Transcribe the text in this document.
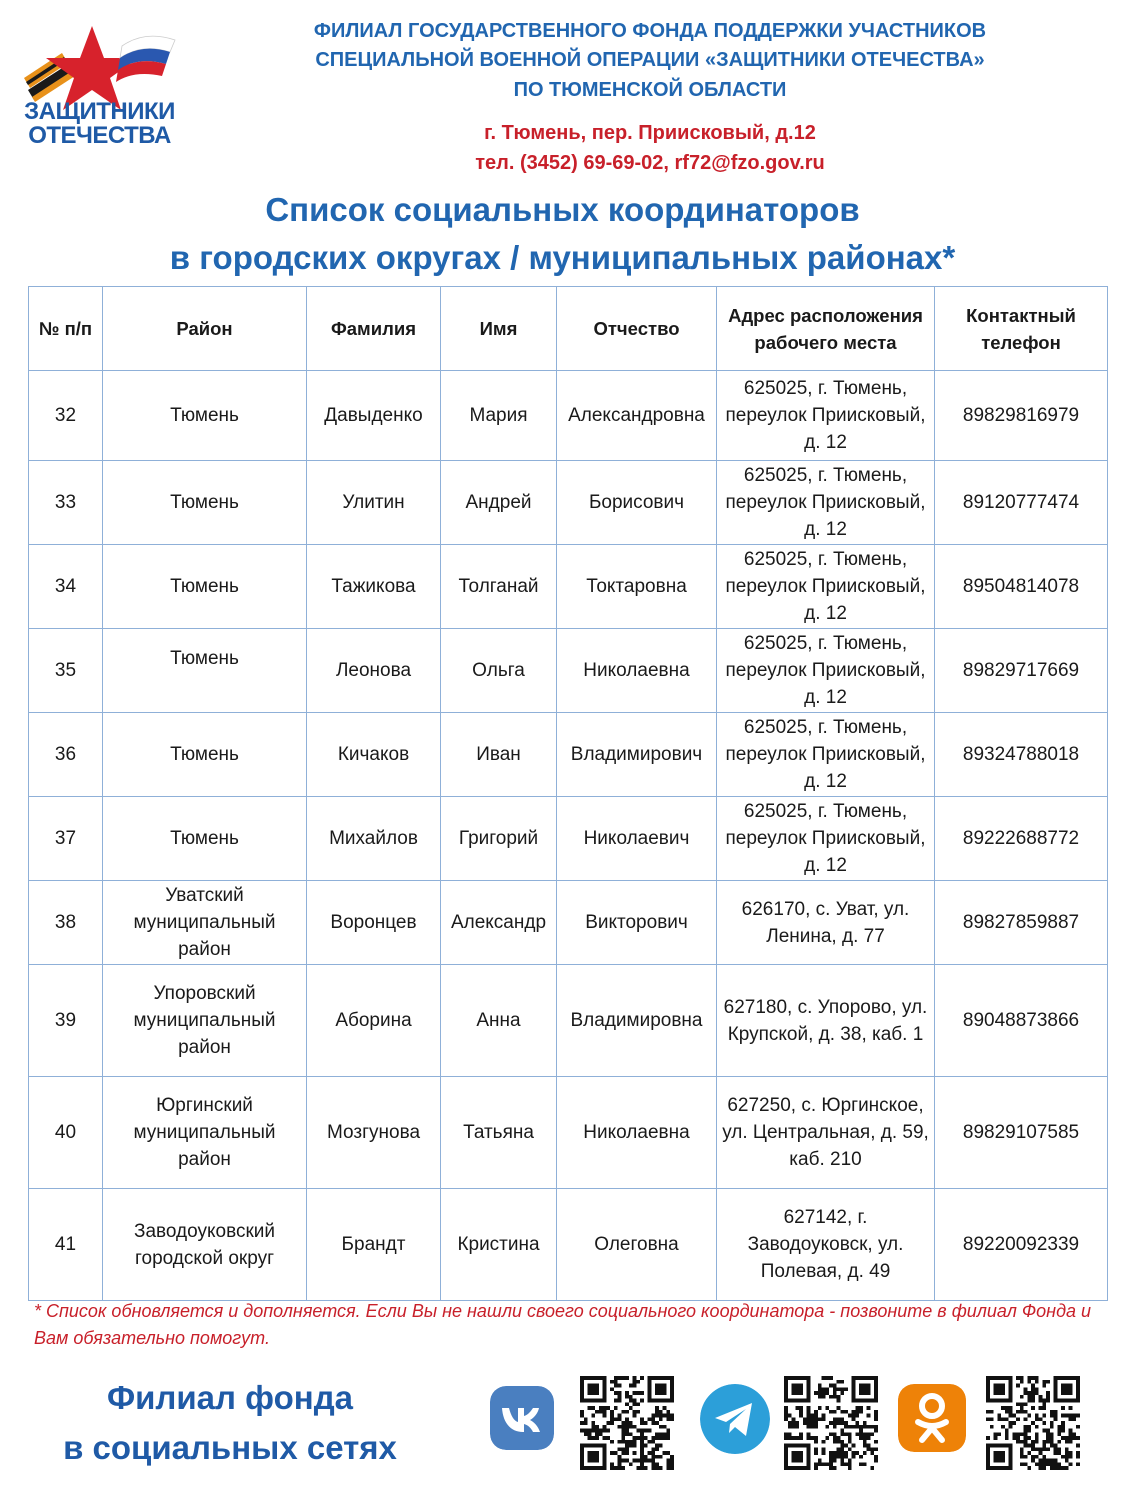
ЗАЩИТНИКИ
ОТЕЧЕСТВА
ФИЛИАЛ ГОСУДАРСТВЕННОГО ФОНДА ПОДДЕРЖКИ УЧАСТНИКОВ
СПЕЦИАЛЬНОЙ ВОЕННОЙ ОПЕРАЦИИ «ЗАЩИТНИКИ ОТЕЧЕСТВА»
ПО ТЮМЕНСКОЙ ОБЛАСТИ
г. Тюмень, пер. Приисковый, д.12
тел. (3452) 69-69-02, rf72@fzo.gov.ru
Список социальных координаторов
в городских округах / муниципальных районах*
№ п/п	Район	Фамилия	Имя	Отчество	Адрес расположения рабочего места	Контактный телефон
32	Тюмень	Давыденко	Мария	Александровна	625025, г. Тюмень, переулок Приисковый, д. 12	89829816979
33	Тюмень	Улитин	Андрей	Борисович	625025, г. Тюмень, переулок Приисковый, д. 12	89120777474
34	Тюмень	Тажикова	Толганай	Токтаровна	625025, г. Тюмень, переулок Приисковый, д. 12	89504814078
35	Тюмень	Леонова	Ольга	Николаевна	625025, г. Тюмень, переулок Приисковый, д. 12	89829717669
36	Тюмень	Кичаков	Иван	Владимирович	625025, г. Тюмень, переулок Приисковый, д. 12	89324788018
37	Тюмень	Михайлов	Григорий	Николаевич	625025, г. Тюмень, переулок Приисковый, д. 12	89222688772
38	Уватский муниципальный район	Воронцев	Александр	Викторович	626170, с. Уват, ул. Ленина, д. 77	89827859887
39	Упоровский муниципальный район	Аборина	Анна	Владимировна	627180, с. Упорово, ул. Крупской, д. 38, каб. 1	89048873866
40	Юргинский муниципальный район	Мозгунова	Татьяна	Николаевна	627250, с. Юргинское, ул. Центральная, д. 59, каб. 210	89829107585
41	Заводоуковский городской округ	Брандт	Кристина	Олеговна	627142, г. Заводоуковск, ул. Полевая, д. 49	89220092339
* Список обновляется и дополняется. Если Вы не нашли своего социального координатора - позвоните в филиал Фонда и Вам обязательно помогут.
Филиал фонда
в социальных сетях
